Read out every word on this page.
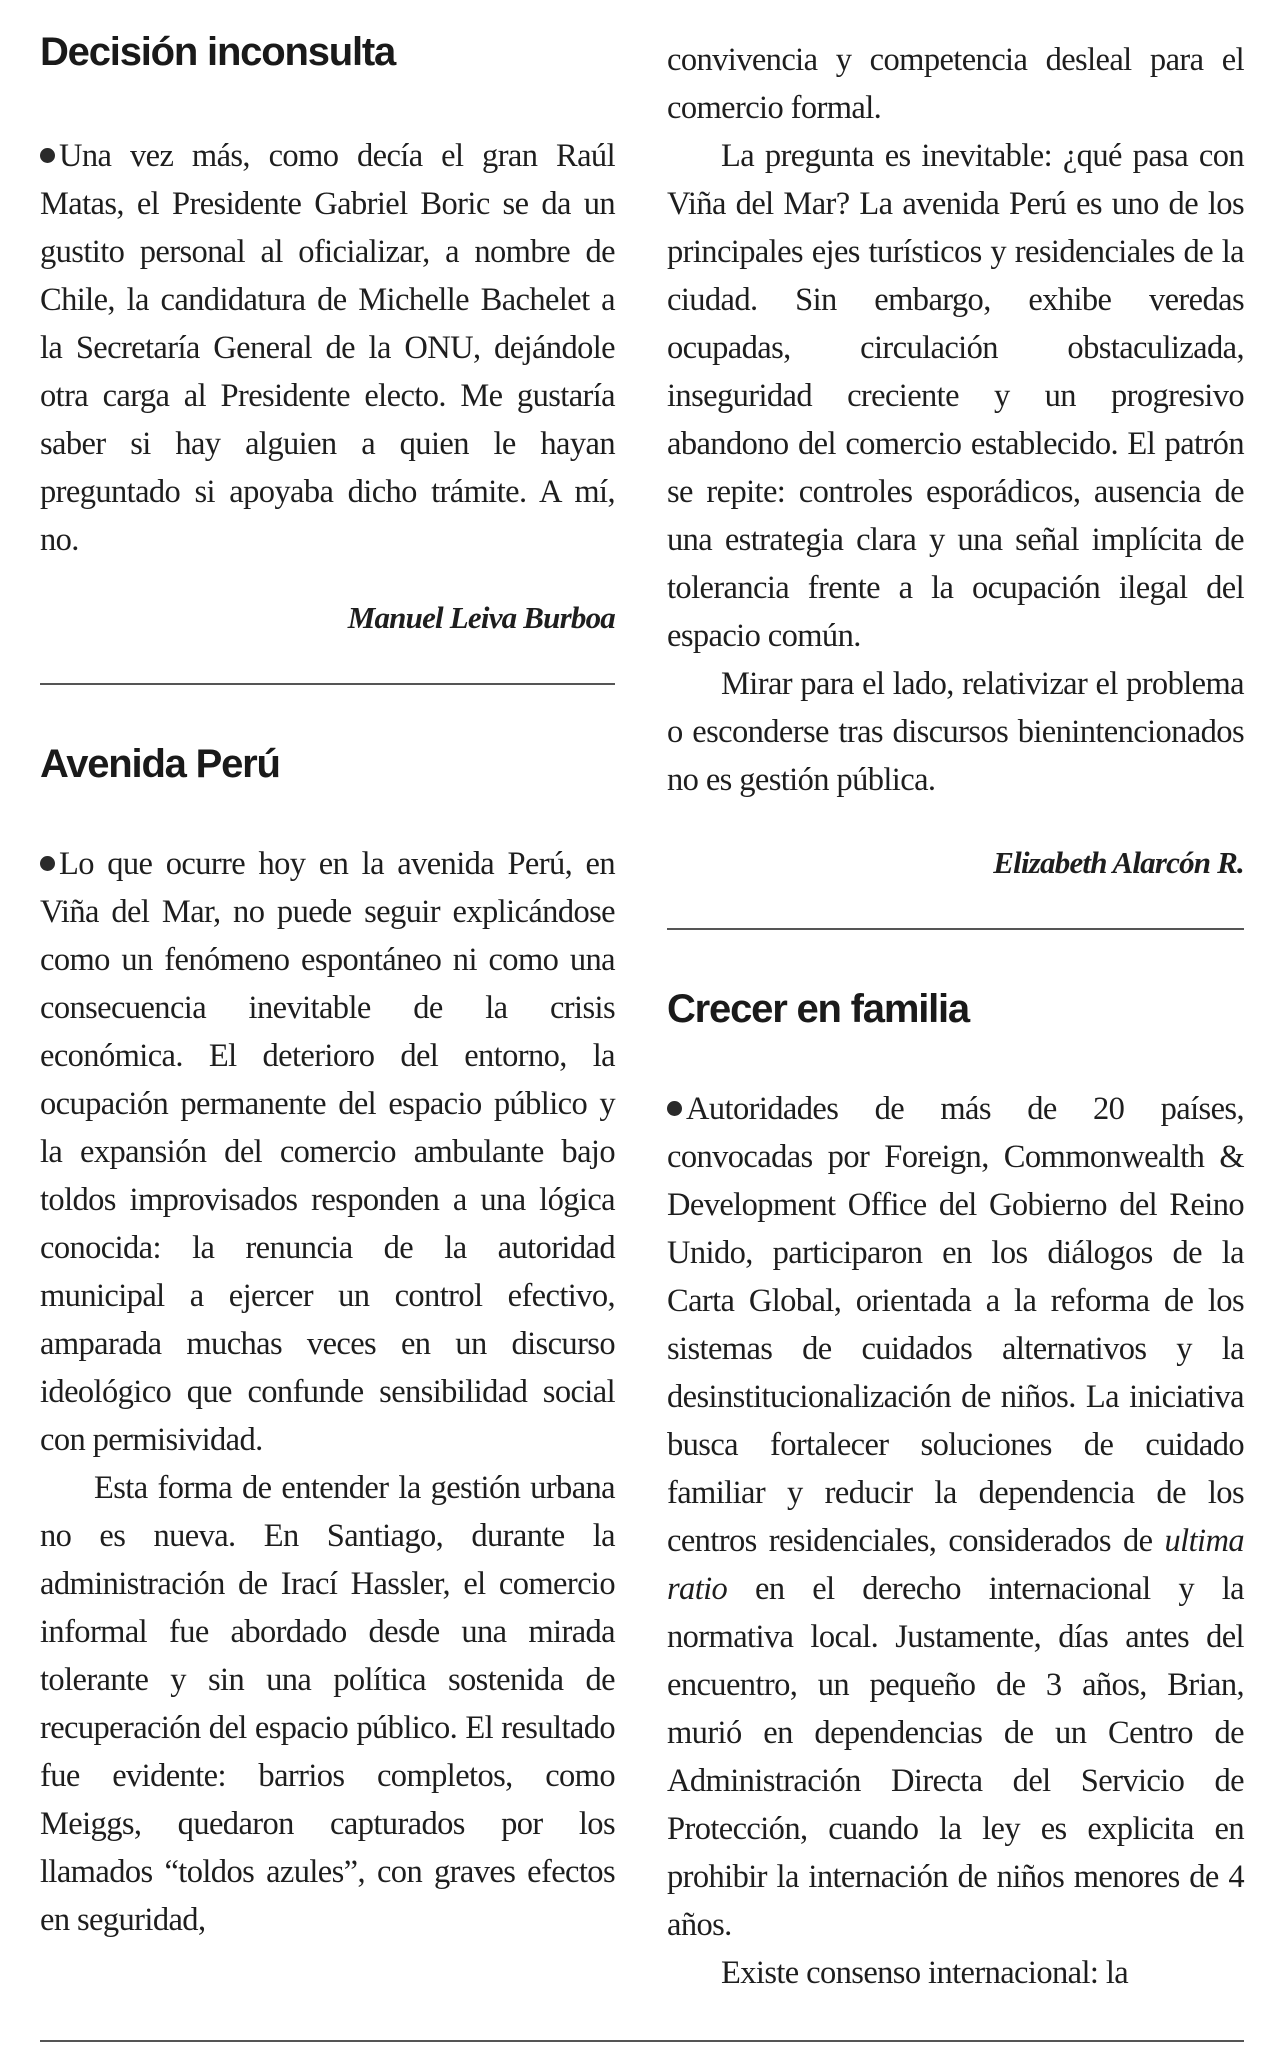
Decisión inconsulta

Una vez más, como decía el gran Raúl Matas, el Presidente Gabriel Boric se da un gustito personal al oficializar, a nombre de Chile, la candidatura de Michelle Bachelet a la Secretaría General de la ONU, dejándole otra carga al Presidente electo. Me gustaría saber si hay alguien a quien le hayan preguntado si apoyaba dicho trámite. A mí, no.

Manuel Leiva Burboa

Avenida Perú

Lo que ocurre hoy en la avenida Perú, en Viña del Mar, no puede seguir explicándose como un fenómeno espontáneo ni como una consecuencia inevitable de la crisis económica. El deterioro del entorno, la ocupación permanente del espacio público y la expansión del comercio ambulante bajo toldos improvisados responden a una lógica conocida: la renuncia de la autoridad municipal a ejercer un control efectivo, amparada muchas veces en un discurso ideológico que confunde sensibilidad social con permisividad.

Esta forma de entender la gestión urbana no es nueva. En Santiago, durante la administración de Irací Hassler, el comercio informal fue abordado desde una mirada tolerante y sin una política sostenida de recuperación del espacio público. El resultado fue evidente: barrios completos, como Meiggs, quedaron capturados por los llamados “toldos azules”, con graves efectos en seguridad,

convivencia y competencia desleal para el comercio formal.

La pregunta es inevitable: ¿qué pasa con Viña del Mar? La avenida Perú es uno de los principales ejes turísticos y residenciales de la ciudad. Sin embargo, exhibe veredas ocupadas, circulación obstaculizada, inseguridad creciente y un progresivo abandono del comercio establecido. El patrón se repite: controles esporádicos, ausencia de una estrategia clara y una señal implícita de tolerancia frente a la ocupación ilegal del espacio común.

Mirar para el lado, relativizar el problema o esconderse tras discursos bienintencionados no es gestión pública.

Elizabeth Alarcón R.

Crecer en familia

Autoridades de más de 20 países, convocadas por Foreign, Commonwealth & Development Office del Gobierno del Reino Unido, participaron en los diálogos de la Carta Global, orientada a la reforma de los sistemas de cuidados alternativos y la desinstitucionalización de niños. La iniciativa busca fortalecer soluciones de cuidado familiar y reducir la dependencia de los centros residenciales, considerados de ultima ratio en el derecho internacional y la normativa local. Justamente, días antes del encuentro, un pequeño de 3 años, Brian, murió en dependencias de un Centro de Administración Directa del Servicio de Protección, cuando la ley es explicita en prohibir la internación de niños menores de 4 años.

Existe consenso internacional: la
